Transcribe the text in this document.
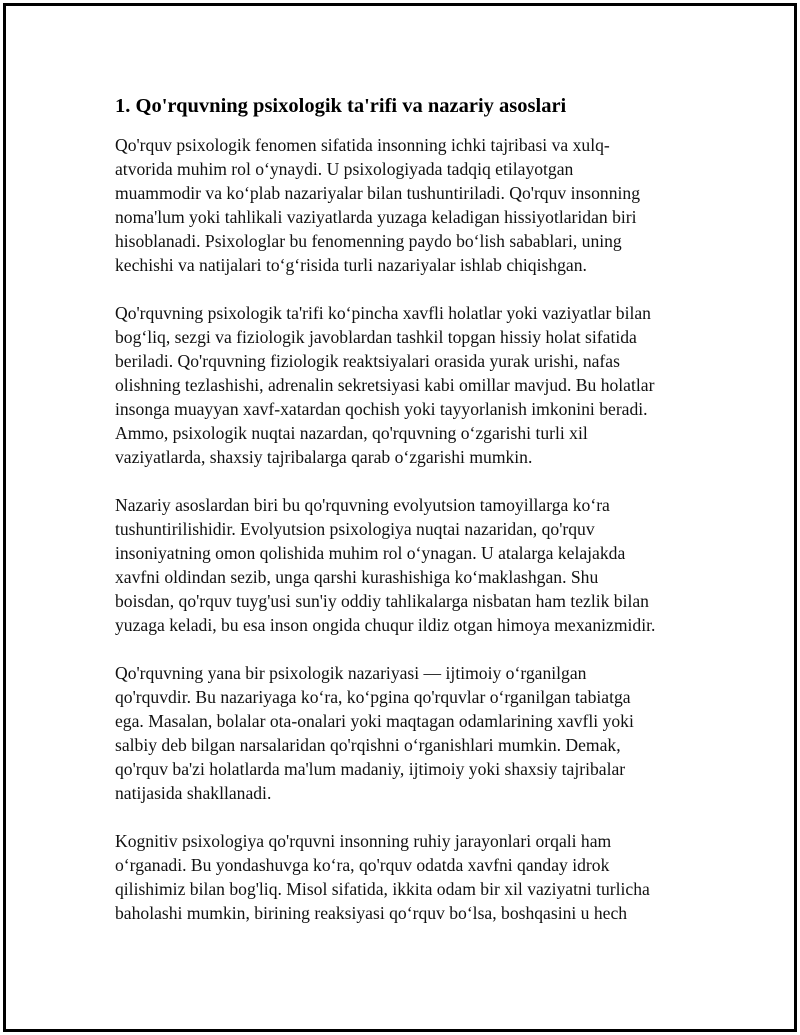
1. Qo'rquvning psixologik ta'rifi va nazariy asoslari
Qo'rquv psixologik fenomen sifatida insonning ichki tajribasi va xulq-
atvorida muhim rol o‘ynaydi. U psixologiyada tadqiq etilayotgan
muammodir va ko‘plab nazariyalar bilan tushuntiriladi. Qo'rquv insonning
noma'lum yoki tahlikali vaziyatlarda yuzaga keladigan hissiyotlaridan biri
hisoblanadi. Psixologlar bu fenomenning paydo bo‘lish sabablari, uning
kechishi va natijalari to‘g‘risida turli nazariyalar ishlab chiqishgan.
Qo'rquvning psixologik ta'rifi ko‘pincha xavfli holatlar yoki vaziyatlar bilan
bog‘liq, sezgi va fiziologik javoblardan tashkil topgan hissiy holat sifatida
beriladi. Qo'rquvning fiziologik reaktsiyalari orasida yurak urishi, nafas
olishning tezlashishi, adrenalin sekretsiyasi kabi omillar mavjud. Bu holatlar
insonga muayyan xavf-xatardan qochish yoki tayyorlanish imkonini beradi.
Ammo, psixologik nuqtai nazardan, qo'rquvning o‘zgarishi turli xil
vaziyatlarda, shaxsiy tajribalarga qarab o‘zgarishi mumkin.
Nazariy asoslardan biri bu qo'rquvning evolyutsion tamoyillarga ko‘ra
tushuntirilishidir. Evolyutsion psixologiya nuqtai nazaridan, qo'rquv
insoniyatning omon qolishida muhim rol o‘ynagan. U atalarga kelajakda
xavfni oldindan sezib, unga qarshi kurashishiga ko‘maklashgan. Shu
boisdan, qo'rquv tuyg'usi sun'iy oddiy tahlikalarga nisbatan ham tezlik bilan
yuzaga keladi, bu esa inson ongida chuqur ildiz otgan himoya mexanizmidir.
Qo'rquvning yana bir psixologik nazariyasi — ijtimoiy o‘rganilgan
qo'rquvdir. Bu nazariyaga ko‘ra, ko‘pgina qo'rquvlar o‘rganilgan tabiatga
ega. Masalan, bolalar ota-onalari yoki maqtagan odamlarining xavfli yoki
salbiy deb bilgan narsalaridan qo'rqishni o‘rganishlari mumkin. Demak,
qo'rquv ba'zi holatlarda ma'lum madaniy, ijtimoiy yoki shaxsiy tajribalar
natijasida shakllanadi.
Kognitiv psixologiya qo'rquvni insonning ruhiy jarayonlari orqali ham
o‘rganadi. Bu yondashuvga ko‘ra, qo'rquv odatda xavfni qanday idrok
qilishimiz bilan bog'liq. Misol sifatida, ikkita odam bir xil vaziyatni turlicha
baholashi mumkin, birining reaksiyasi qo‘rquv bo‘lsa, boshqasini u hech
